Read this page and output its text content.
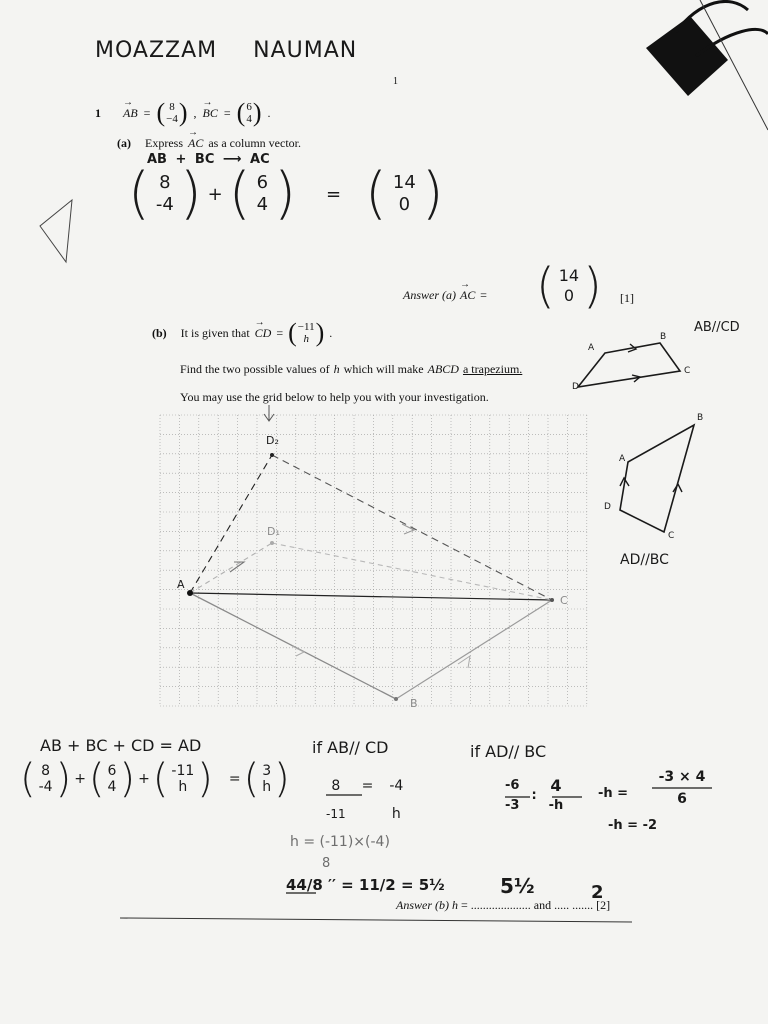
MOAZZAM NAUMAN
1
1 → AB = ( 8
−4 ) , → BC = ( 6
4 ) .
(a) Express → AC as a column vector.
AB + BC ⟶ AC
( 8
-4 ) + ( 6
4 ) = ( 14
0 )
Answer (a) → AC = ( 14
0 ) [1]
(b) It is given that → CD = ( −11
h ) .
Find the two possible values of h which will make ABCD a trapezium.
You may use the grid below to help you with your investigation.
AB//CD
AD//BC
A
B
C
D
A
B
C
D
A
B
C
D₁
D₂
AB + BC + CD = AD
( 8
-4 ) + ( 6
4 ) + ( -11
h ) = ( 3
h )
if AB// CD
8
-11
= -4
h
h = (-11)×(-4)
8
44/8 ′′ = 11/2 = 5½
if AD// BC
-6
-3
:
4
-h
-h =
-3 × 4
6
-h = -2
Answer (b) h = .................... and ..... ....... [2]
5½	2
